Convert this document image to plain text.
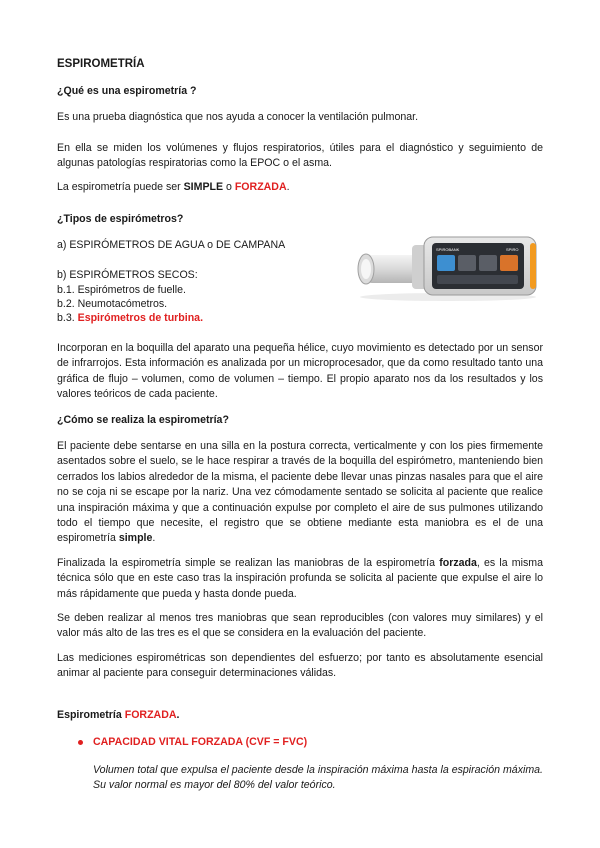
ESPIROMETRÍA

¿Qué es una espirometría ?

Es una prueba diagnóstica que nos ayuda a conocer la ventilación pulmonar.

En ella se miden los volúmenes y flujos respiratorios, útiles para el diagnóstico y seguimiento de algunas patologías respiratorias como la EPOC o el asma.

La espirometría puede ser SIMPLE o FORZADA.

¿Tipos de espirómetros?

a) ESPIRÓMETROS DE AGUA o DE CAMPANA

b) ESPIRÓMETROS SECOS:

b.1. Espirómetros de fuelle.

b.2. Neumotacómetros.

b.3. Espirómetros de turbina.

SPIROBANK	SPIRO

Incorporan en la boquilla del aparato una pequeña hélice, cuyo movimiento es detectado por un sensor de infrarrojos. Esta información es analizada por un microprocesador, que da como resultado tanto una gráfica de flujo – volumen, como de volumen – tiempo. El propio aparato nos da los resultados y los valores teóricos de cada paciente.

¿Cómo se realiza la espirometría?

El paciente debe sentarse en una silla en la postura correcta, verticalmente y con los pies firmemente asentados sobre el suelo, se le hace respirar a través de la boquilla del espirómetro, manteniendo bien cerrados los labios alrededor de la misma, el paciente debe llevar unas pinzas nasales para que el aire no se coja ni se escape por la nariz. Una vez cómodamente sentado se solicita al paciente que realice una inspiración máxima y que a continuación expulse por completo el aire de sus pulmones utilizando todo el tiempo que necesite, el registro que se obtiene mediante esta maniobra es el de una espirometría simple.

Finalizada la espirometría simple se realizan las maniobras de la espirometría forzada, es la misma técnica sólo que en este caso tras la inspiración profunda se solicita al paciente que expulse el aire lo más rápidamente que pueda y hasta donde pueda.

Se deben realizar al menos tres maniobras que sean reproducibles (con valores muy similares) y el valor más alto de las tres es el que se considera en la evaluación del paciente.

Las mediciones espirométricas son dependientes del esfuerzo; por tanto es absolutamente esencial animar al paciente para conseguir determinaciones válidas.

Espirometría FORZADA.

CAPACIDAD VITAL FORZADA (CVF = FVC)

Volumen total que expulsa el paciente desde la inspiración máxima hasta la espiración máxima. Su valor normal es mayor del 80% del valor teórico.
